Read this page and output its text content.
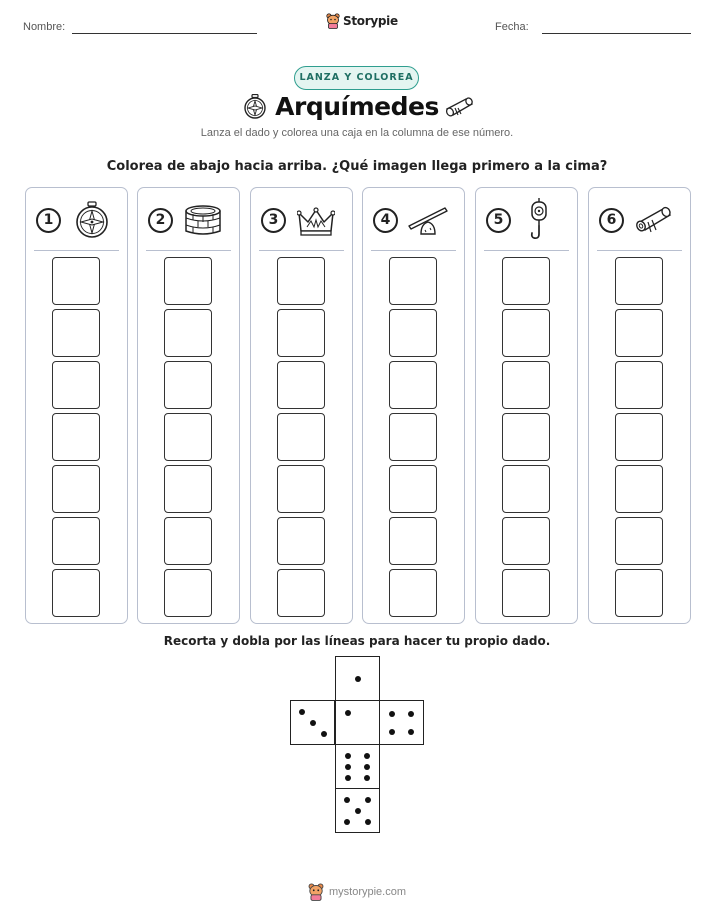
Nombre:	Storypie	Fecha:
LANZA Y COLOREA
Arquímedes
Lanza el dado y colorea una caja en la columna de ese número.
Colorea de abajo hacia arriba. ¿Qué imagen llega primero a la cima?
1	2	3	4	5	6
Recorta y dobla por las líneas para hacer tu propio dado.
mystorypie.com
